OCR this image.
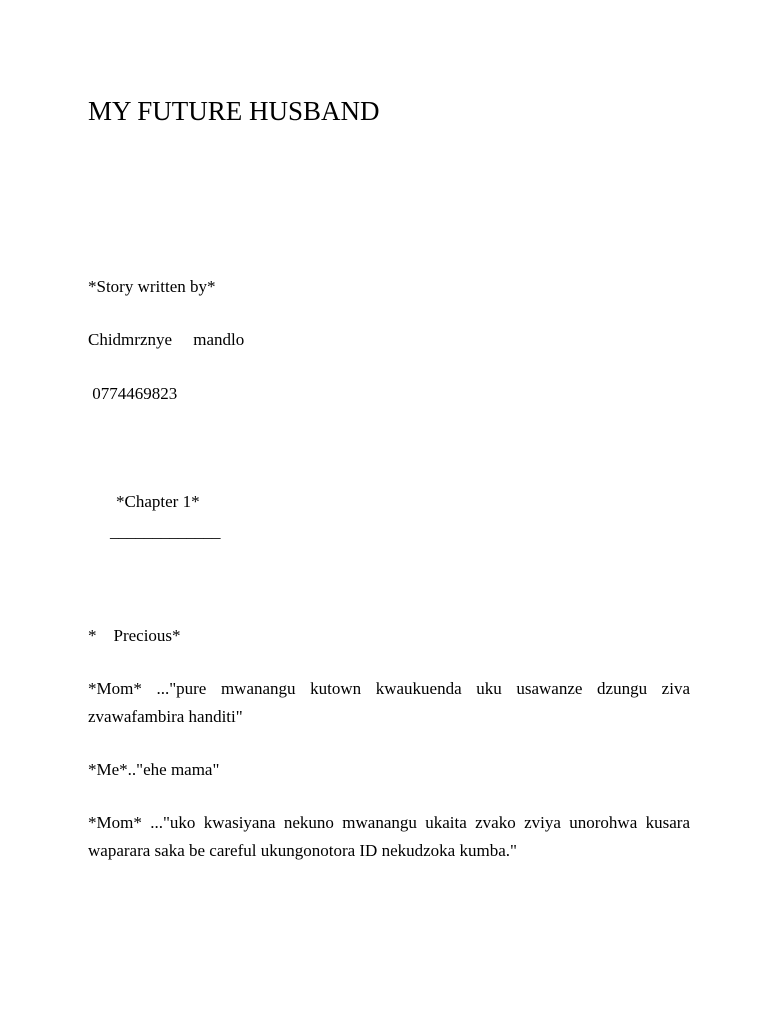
MY FUTURE HUSBAND

*Story written by*

Chidmrznye     mandlo

0774469823

*Chapter 1*

_____________

*    Precious*

*Mom* ..."pure mwanangu kutown kwaukuenda uku usawanze dzungu ziva zvawafambira handiti"

*Me*.."ehe mama"

*Mom* ..."uko kwasiyana nekuno mwanangu ukaita zvako zviya unorohwa kusara waparara saka be careful ukungonotora ID nekudzoka kumba."
